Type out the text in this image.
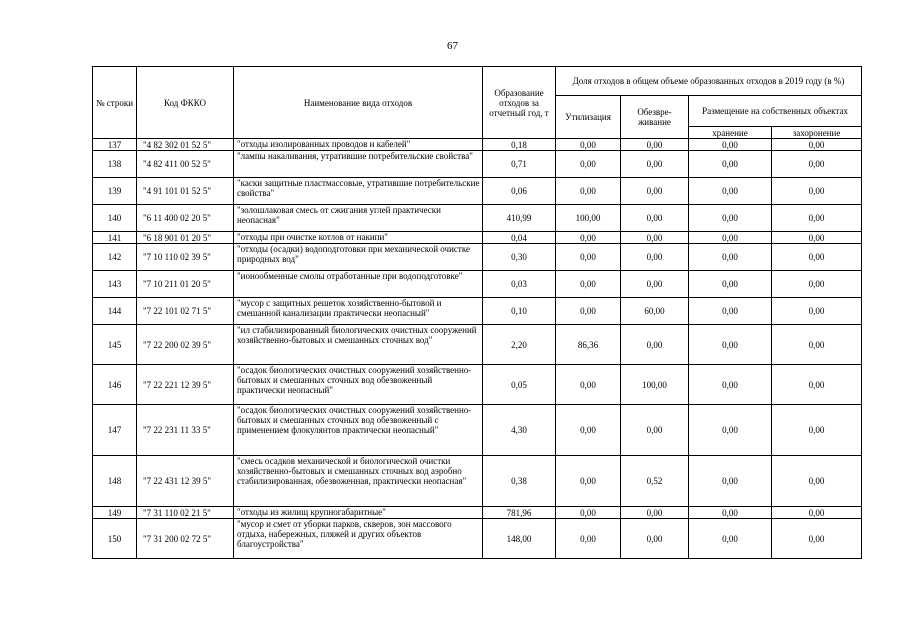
67
№ строки	Код ФККО	Наименование вида отходов	Образование отходов за отчетный год, т	Доля отходов в общем объеме образованных отходов в 2019 году (в %)			
				Утилизация	Обезвре-живание	Размещение на собственных объектах	
						хранение	захоронение
137	"4 82 302 01 52 5"	"отходы изолированных проводов и кабелей"	0,18	0,00	0,00	0,00	0,00
138	"4 82 411 00 52 5"	"лампы накаливания, утратившие потребительские свойства"	0,71	0,00	0,00	0,00	0,00
139	"4 91 101 01 52 5"	"каски защитные пластмассовые, утратившие потребительские свойства"	0,06	0,00	0,00	0,00	0,00
140	"6 11 400 02 20 5"	"золошлаковая смесь от сжигания углей практически неопасная"	410,99	100,00	0,00	0,00	0,00
141	"6 18 901 01 20 5"	"отходы при очистке котлов от накипи"	0,04	0,00	0,00	0,00	0,00
142	"7 10 110 02 39 5"	"отходы (осадки) водоподготовки при механической очистке природных вод"	0,30	0,00	0,00	0,00	0,00
143	"7 10 211 01 20 5"	"ионообменные смолы отработанные при водоподготовке"	0,03	0,00	0,00	0,00	0,00
144	"7 22 101 02 71 5"	"мусор с защитных решеток хозяйственно-бытовой и смешанной канализации практически неопасный"	0,10	0,00	60,00	0,00	0,00
145	"7 22 200 02 39 5"	"ил стабилизированный биологических очистных сооружений хозяйственно-бытовых и смешанных сточных вод"	2,20	86,36	0,00	0,00	0,00
146	"7 22 221 12 39 5"	"осадок биологических очистных сооружений хозяйственно-бытовых и смешанных сточных вод обезвоженный практически неопасный"	0,05	0,00	100,00	0,00	0,00
147	"7 22 231 11 33 5"	"осадок биологических очистных сооружений хозяйственно-бытовых и смешанных сточных вод обезвоженный с применением флокулянтов практически неопасный"	4,30	0,00	0,00	0,00	0,00
148	"7 22 431 12 39 5"	"смесь осадков механической и биологической очистки хозяйственно-бытовых и смешанных сточных вод аэробно стабилизированная, обезвоженная, практически неопасная"	0,38	0,00	0,52	0,00	0,00
149	"7 31 110 02 21 5"	"отходы из жилищ крупногабаритные"	781,96	0,00	0,00	0,00	0,00
150	"7 31 200 02 72 5"	"мусор и смет от уборки парков, скверов, зон массового отдыха, набережных, пляжей и других объектов благоустройства"	148,00	0,00	0,00	0,00	0,00
